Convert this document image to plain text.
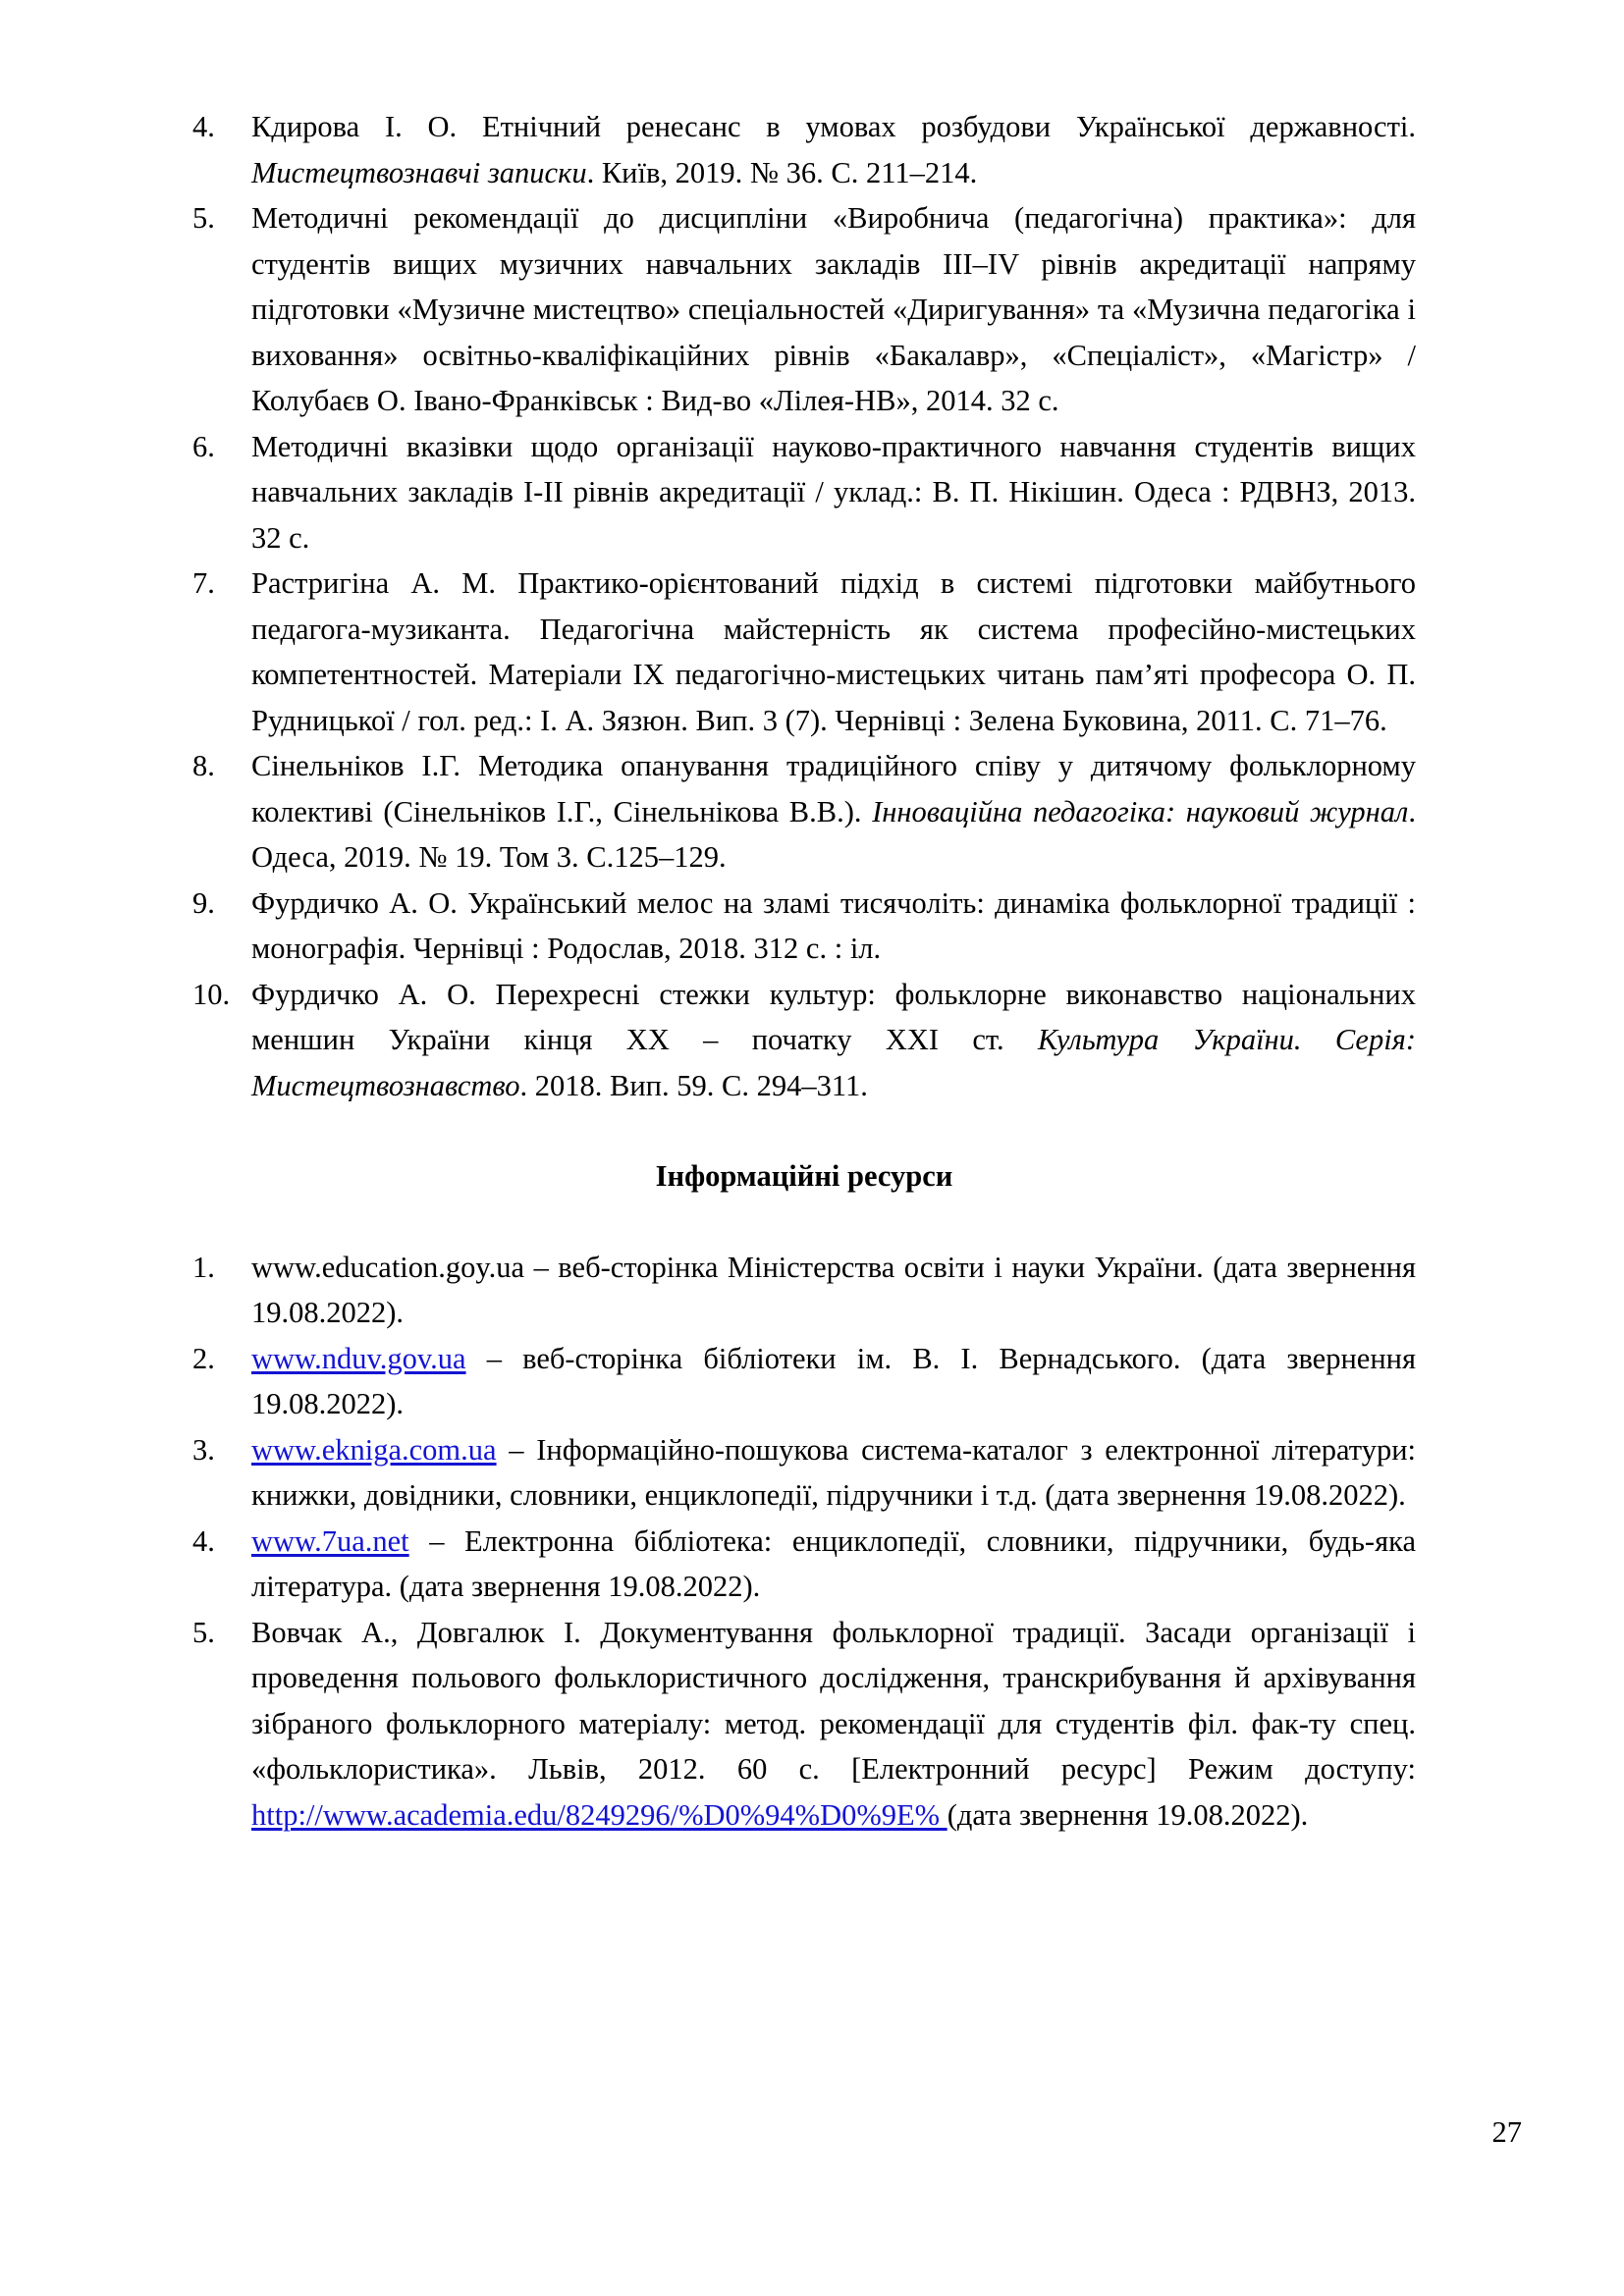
4.	Кдирова І. О. Етнічний ренесанс в умовах розбудови Української державності. Мистецтвознавчі записки. Київ, 2019. № 36. С. 211–214.
5.	Методичні рекомендації до дисципліни «Виробнича (педагогічна) практика»: для студентів вищих музичних навчальних закладів ІІІ–ІV рівнів акредитації напряму підготовки «Музичне мистецтво» спеціальностей «Диригування» та «Музична педагогіка і виховання» освітньо-кваліфікаційних рівнів «Бакалавр», «Спеціаліст», «Магістр» / Колубаєв О. Івано-Франківськ : Вид-во «Лілея-НВ», 2014. 32 с.
6.	Методичні вказівки щодо організації науково-практичного навчання студентів вищих навчальних закладів І-ІІ рівнів акредитації / уклад.: В. П. Нікішин. Одеса : РДВНЗ, 2013. 32 с.
7.	Растригіна А. М. Практико-орієнтований підхід в системі підготовки майбутнього педагога-музиканта. Педагогічна майстерність як система професійно-мистецьких компетентностей. Матеріали ІХ педагогічно-мистецьких читань пам’яті професора О. П. Рудницької / гол. ред.: І. А. Зязюн. Вип. 3 (7). Чернівці : Зелена Буковина, 2011. С. 71–76.
8.	Сінельніков І.Г. Методика опанування традиційного співу у дитячому фольклорному колективі (Сінельніков І.Г., Сінельнікова В.В.). Інноваційна педагогіка: науковий журнал. Одеса, 2019. № 19. Том 3. С.125–129.
9.	Фурдичко А. О. Український мелос на зламі тисячоліть: динаміка фольклорної традиції : монографія. Чернівці : Родослав, 2018. 312 с. : іл.
10. Фурдичко А. О. Перехресні стежки культур: фольклорне виконавство національних меншин України кінця ХХ – початку ХХІ ст. Культура України. Серія: Мистецтвознавство. 2018. Вип. 59. С. 294–311.
Інформаційні ресурси
1.	www.education.goy.ua – веб-сторінка Міністерства освіти і науки України. (дата звернення 19.08.2022).
2.	www.nduv.gov.ua – веб-сторінка бібліотеки ім. В. І. Вернадського. (дата звернення 19.08.2022).
3.	www.ekniga.com.ua – Інформаційно-пошукова система-каталог з електронної літератури: книжки, довідники, словники, енциклопедії, підручники і т.д. (дата звернення 19.08.2022).
4.	www.7ua.net – Електронна бібліотека: енциклопедії, словники, підручники, будь-яка література. (дата звернення 19.08.2022).
5.	Вовчак А., Довгалюк І. Документування фольклорної традиції. Засади організації і проведення польового фольклористичного дослідження, транскрибування й архівування зібраного фольклорного матеріалу: метод. рекомендації для студентів філ. фак-ту спец. «фольклористика». Львів, 2012. 60 с. [Електронний ресурс] Режим доступу: http://www.academia.edu/8249296/%D0%94%D0%9E% (дата звернення 19.08.2022).
27
